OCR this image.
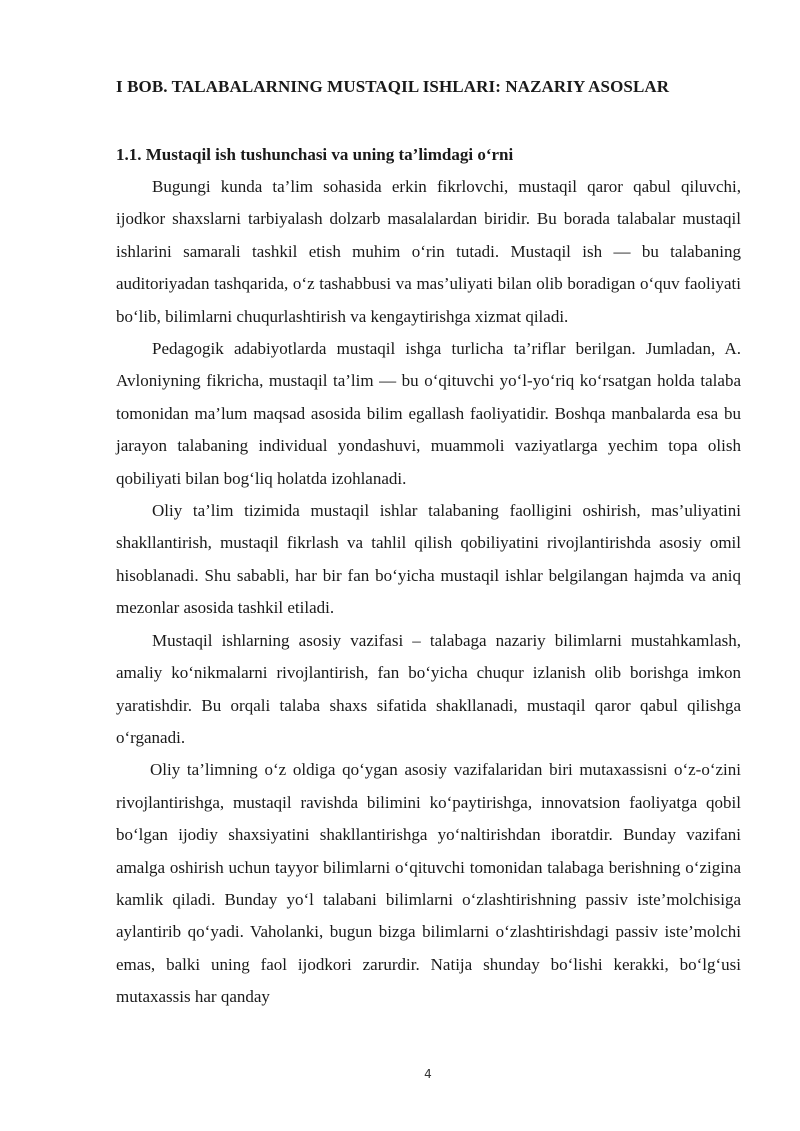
I BOB. TALABALARNING MUSTAQIL ISHLARI: NAZARIY ASOSLAR
1.1. Mustaqil ish tushunchasi va uning ta’limdagi o‘rni

Bugungi kunda ta’lim sohasida erkin fikrlovchi, mustaqil qaror qabul qiluvchi, ijodkor shaxslarni tarbiyalash dolzarb masalalardan biridir. Bu borada talabalar mustaqil ishlarini samarali tashkil etish muhim o‘rin tutadi. Mustaqil ish — bu talabaning auditoriyadan tashqarida, o‘z tashabbusi va mas’uliyati bilan olib boradigan o‘quv faoliyati bo‘lib, bilimlarni chuqurlashtirish va kengaytirishga xizmat qiladi.

Pedagogik adabiyotlarda mustaqil ishga turlicha ta’riflar berilgan. Jumladan, A. Avloniyning fikricha, mustaqil ta’lim — bu o‘qituvchi yo‘l-yo‘riq ko‘rsatgan holda talaba tomonidan ma’lum maqsad asosida bilim egallash faoliyatidir. Boshqa manbalarda esa bu jarayon talabaning individual yondashuvi, muammoli vaziyatlarga yechim topa olish qobiliyati bilan bog‘liq holatda izohlanadi.

Oliy ta’lim tizimida mustaqil ishlar talabaning faolligini oshirish, mas’uliyatini shakllantirish, mustaqil fikrlash va tahlil qilish qobiliyatini rivojlantirishda asosiy omil hisoblanadi. Shu sababli, har bir fan bo‘yicha mustaqil ishlar belgilangan hajmda va aniq mezonlar asosida tashkil etiladi.

Mustaqil ishlarning asosiy vazifasi – talabaga nazariy bilimlarni mustahkamlash, amaliy ko‘nikmalarni rivojlantirish, fan bo‘yicha chuqur izlanish olib borishga imkon yaratishdir. Bu orqali talaba shaxs sifatida shakllanadi, mustaqil qaror qabul qilishga o‘rganadi.

Oliy ta’limning o‘z oldiga qo‘ygan asosiy vazifalaridan biri mutaxassisni o‘z-o‘zini rivojlantirishga, mustaqil ravishda bilimini ko‘paytirishga, innovatsion faoliyatga qobil bo‘lgan ijodiy shaxsiyatini shakllantirishga yo‘naltirishdan iboratdir. Bunday vazifani amalga oshirish uchun tayyor bilimlarni o‘qituvchi tomonidan talabaga berishning o‘zigina kamlik qiladi. Bunday yo‘l talabani bilimlarni o‘zlashtirishning passiv iste’molchisiga aylantirib qo‘yadi. Vaholanki, bugun bizga bilimlarni o‘zlashtirishdagi passiv iste’molchi emas, balki uning faol ijodkori zarurdir. Natija shunday bo‘lishi kerakki, bo‘lg‘usi mutaxassis har qanday

4
